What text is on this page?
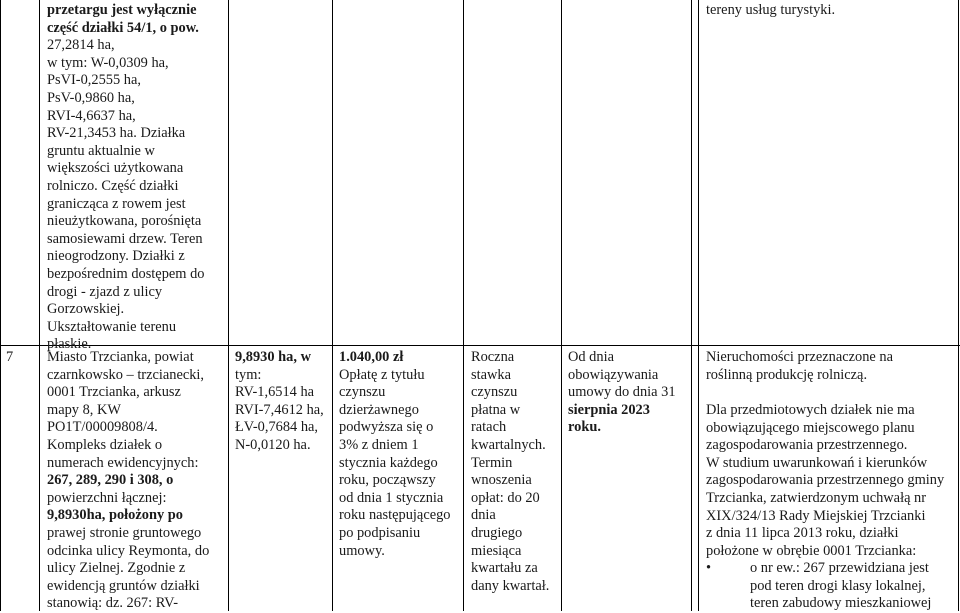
przetargu jest wyłącznie
część działki 54/1, o pow.
27,2814 ha,
w tym: W-0,0309 ha,
PsVI-0,2555 ha,
PsV-0,9860 ha,
RVI-4,6637 ha,
RV-21,3453 ha. Działka
gruntu aktualnie w
większości użytkowana
rolniczo. Część działki
granicząca z rowem jest
nieużytkowana, porośnięta
samosiewami drzew. Teren
nieogrodzony. Działki z
bezpośrednim dostępem do
drogi - zjazd z ulicy
Gorzowskiej.
Ukształtowanie terenu
płaskie.
tereny usług turystyki.
7 Miasto Trzcianka, powiat
czarnkowsko – trzcianecki,
0001 Trzcianka, arkusz
mapy 8, KW
PO1T/00009808/4.
Kompleks działek o
numerach ewidencyjnych:
267, 289, 290 i 308, o
powierzchni łącznej:
9,8930ha, położony po
prawej stronie gruntowego
odcinka ulicy Reymonta, do
ulicy Zielnej. Zgodnie z
ewidencją gruntów działki
stanowią: dz. 267: RV-
9,8930 ha, w
tym:
RV-1,6514 ha
RVI-7,4612 ha,
ŁV-0,7684 ha,
N-0,0120 ha.
1.040,00 zł
Opłatę z tytułu
czynszu
dzierżawnego
podwyższa się o
3% z dniem 1
stycznia każdego
roku, począwszy
od dnia 1 stycznia
roku następującego
po podpisaniu
umowy.
Roczna
stawka
czynszu
płatna w
ratach
kwartalnych.
Termin
wnoszenia
opłat: do 20
dnia
drugiego
miesiąca
kwartału za
dany kwartał.
Od dnia
obowiązywania
umowy do dnia 31
sierpnia 2023
roku.
Nieruchomości przeznaczone na
roślinną produkcję rolniczą.
Dla przedmiotowych działek nie ma
obowiązującego miejscowego planu
zagospodarowania przestrzennego.
W studium uwarunkowań i kierunków
zagospodarowania przestrzennego gminy
Trzcianka, zatwierdzonym uchwałą nr
XIX/324/13 Rady Miejskiej Trzcianki
z dnia 11 lipca 2013 roku, działki
położone w obrębie 0001 Trzcianka:
•	o nr ew.: 267 przewidziana jest
pod teren drogi klasy lokalnej,
teren zabudowy mieszkaniowej
